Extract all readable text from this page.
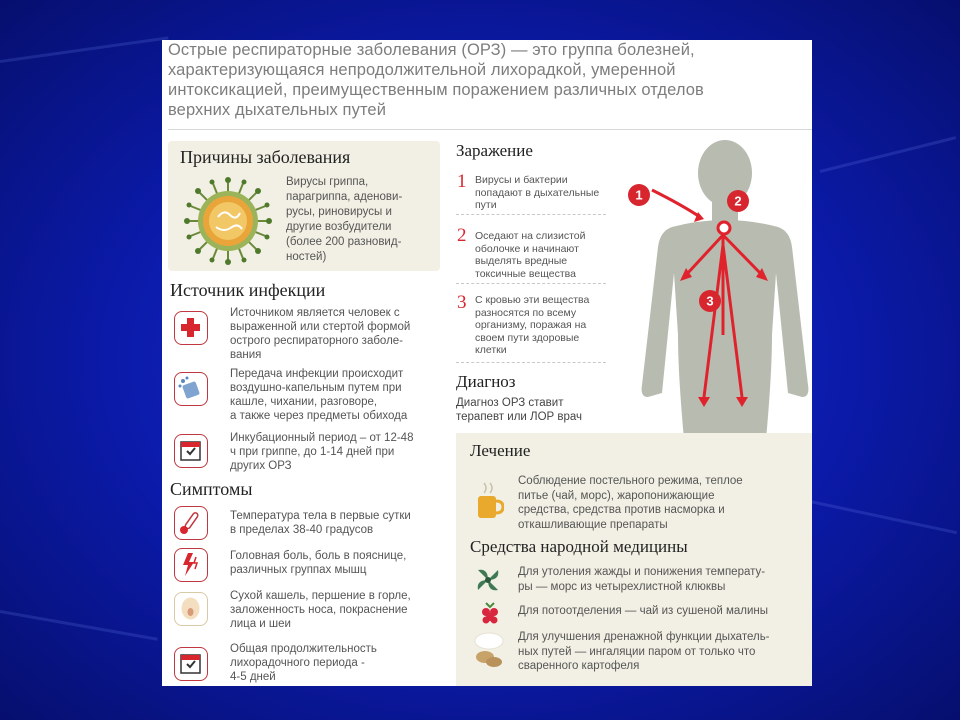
Острые респираторные заболевания (ОРЗ) — это группа болезней,
характеризующаяся непродолжительной лихорадкой, умеренной
интоксикацией, преимущественным поражением различных отделов
верхних дыхательных путей
Причины заболевания
Вирусы гриппа,
парагриппа, аденови-
русы, риновирусы и
другие возбудители
(более 200 разновид-
ностей)
Источник инфекции
Источником является человек с
выраженной или стертой формой
острого респираторного заболе-
вания
Передача инфекции происходит
воздушно-капельным путем при
кашле, чихании, разговоре,
а также через предметы обихода
Инкубационный период – от 12-48
ч при гриппе, до 1-14 дней при
других ОРЗ
Симптомы
Температура тела в первые сутки
в пределах 38-40 градусов
Головная боль, боль в пояснице,
различных группах мышц
Сухой кашель, першение в горле,
заложенность носа, покраснение
лица и шеи
Общая продолжительность
лихорадочного периода -
4-5 дней
Заражение
1 Вирусы и бактерии
попадают в дыхательные
пути
2 Оседают на слизистой
оболочке и начинают
выделять вредные
токсичные вещества
3 С кровью эти вещества
разносятся по всему
организму, поражая на
своем пути здоровые
клетки
Диагноз
Диагноз ОРЗ ставит
терапевт или ЛОР врач
1	2
3
Лечение
Соблюдение постельного режима, теплое
питье (чай, морс), жаропонижающие
средства, средства против насморка и
откашливающие препараты
Средства народной медицины
Для утоления жажды и понижения температу-
ры — морс из четырехлистной клюквы
Для потоотделения — чай из сушеной малины
Для улучшения дренажной функции дыхатель-
ных путей — ингаляции паром от только что
сваренного картофеля
